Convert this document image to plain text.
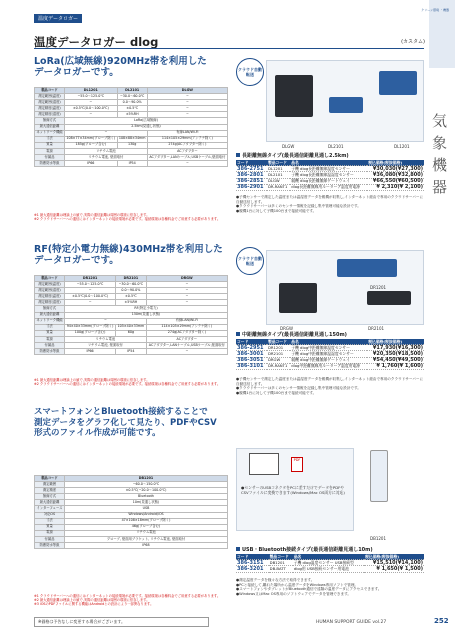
温度データロガー
温度データロガー dlog	(カスタム)
クリーン環境 ・機器
気象機器
LoRa(広域無線)920MHz帯を利用した
データロガーです。	クラウド自動転送
製品コード	DL1201	DL2101	DLGW
測定範囲(温度)	−55.0〜125.0℃	−30.0〜60.0℃	−
測定範囲(湿度)	−	0.0〜90.0%	−
測定精度(温度)	±0.5℃(0.0〜100.0℃)	±0.5℃	−
測定精度(湿度)	−	±5%RH	−
無線方式	LoRa(広域無線)		
最大通信距離	2.5km(見通し状態)		
ネットワーク機能	−		有線LAN/Wi-Fi
寸法	108×77×34mm(プローブ除く)	108×88×34mm	114×105×29mm(アンテナ除く)
質量	185g(プローブ含む)	130g	274g(ACアダプター除く)
電源	リチウム電池		ACアダプター
付属品	リチウム電池, 壁面取付		ACアダプター,LANケーブル,USBケーブル,壁面取付
防塵防水等級	IP66	IP54	−
※1 最大通信距離は理論上の値で,実際の通信距離は周囲の環境に依存します。
※2 クラウドサーバーへの通信にはインターネットの接続環境が必要です。接続環境は各種料金でご用意する必要があります。
DLGW	DL2101	DL1201
長距離無線タイプ(最長通信距離見通し2.5km)
コード	製品コード	品名	税込価格(税抜価格)
386-2751	DL1201	子機 dlog長距離無線温度センサー	¥30,030(¥27,300)
386-2801	DL2101	子機 dlog長距離無線温湿度センサー	¥36,080(¥32,800)
386-2851	DLGW	親機 dlog長距離無線ゲートウェイ	¥66,550(¥60,500)
386-2901	DR-RANT1	dlog長距離無線用ルーターア温度用電源	¥ 2,310(¥ 2,100)
●子機センサーで測定した温度または温湿度データを親機が収集し,インターネット経由で専用のクラウドサーバーに自動送信します。
●クラウドサーバーは多くのセンサー情報を記録し集中管理可能な設計です。
●親機1台に対して子機100台まで接続可能です。
RF(特定小電力無線)430MHz帯を利用した
データロガーです。	クラウド自動転送
製品コード	DR1201	DR2101	DRGW
測定範囲(温度)	−55.0〜125.0℃	−30.0〜60.0℃	−
測定範囲(湿度)	−	0.0〜90.0%	−
測定精度(温度)	±0.5℃(0.0〜100.0℃)	±0.5℃	−
測定精度(湿度)	−	±5%RH	−
無線方式	RF(特定小電力)		
最大通信距離	150m(見通し状態)		
ネットワーク機能	−		有線LAN/Wi-Fi
寸法	94×40×33mm(プローブ除く)	105×40×33mm	114×105×29mm(アンテナ除く)
質量	100g(プローブ含む)	60g	274g(ACアダプター除く)
電源	リチウム電池		ACアダプター
付属品	リチウム電池, 壁面取付		ACアダプター,LANケーブル,USBケーブル,壁面取付
防塵防水等級	IP66	IP54	−
※1 最大通信距離は理論上の値で,実際の通信距離は周囲の環境に依存します。
※2 クラウドサーバーへの通信にはインターネットの接続環境が必要です。接続環境は各種料金でご用意する必要があります。
DR1201
DRGW	DR2101
中距離無線タイプ(最長通信距離見通し150m)
コード	製品コード	品名	税込価格(税抜価格)
386-2951	DR1201	子機 dlog中距離無線温度センサー	¥17,930(¥16,300)
386-3001	DR2101	子機 dlog中距離無線温湿度センサー	¥20,350(¥18,500)
386-3051	DRGW	親機 dlog中距離無線ゲートウェイ	¥54,450(¥49,500)
386-3101	DR-RANT1	dlog中距離無線用ルーターア温度用電源	¥ 1,760(¥ 1,600)
●子機センサーで測定した温度または温湿度データを親機が収集し,インターネット経由で専用のクラウドサーバーに自動送信します。
●クラウドサーバーは多くのセンサー情報を記録し集中管理可能な設計です。
●親機1台に対して子機100台まで接続可能です。
スマートフォンとBluetooth接続することで
測定データをグラフ化して見たり、PDFやCSV
形式のファイル作成が可能です。
製品コード	DB1201
測定範囲	−60.0〜150.0℃
測定精度	±0.5℃(−20.0〜100.0℃)
無線方式	Bluetooth
最大通信距離	10m(見通し状態)
インターフェース	USB
対応OS	Windows/Android/iOS
寸法	47×108×18mm(プローブ除く)
質量	46g(プローブ含む)
電源	リチウム電池
付属品	プローブ, 壁面用ブラケット, リチウム電池, 壁面取付
防塵防水等級	IP68
※1 クラウドサーバーへの通信にはインターネットの接続環境が必要です。接続環境は各種料金でご用意する必要があります。
※2 最大通信距離は理論上の値で,実際の通信距離は周囲の環境に依存します。
※3 iOSのPDFファイルに関する機能はAndroidとの設計により一部異なります。
PDF
●センサーのUSBコネクタをPCに差すだけでデータをPDFやCSVファイルに変換できます(Windows/Mac OS両方に対応)
DB1201
USB・Bluetooth接続タイプ(最長通信距離見通し10m)
コード	製品コード	品名	税込価格(税抜価格)
386-3151	DB1201	子機 dlog温度センサー USB接続型	¥15,510(¥14,100)
386-3201	DB-BATT	dlog用 USB接続センサー用電池	¥ 1,650(¥ 1,500)
●測定温度データを様々な方法で取得できます。
●PCと接続して,離れた場所から温度データをWindows専用ソフトで管理。
●スマートフォンやタブレットがBluetooth通信で遠隔の温度データにアクセスできます。
●Windows又はMac OS専用のソフトウェアでデータを管理できます。
※価格は予告なしに変更する場合がございます。	HUMAN SUPPORT GUIDE vol.27	252
